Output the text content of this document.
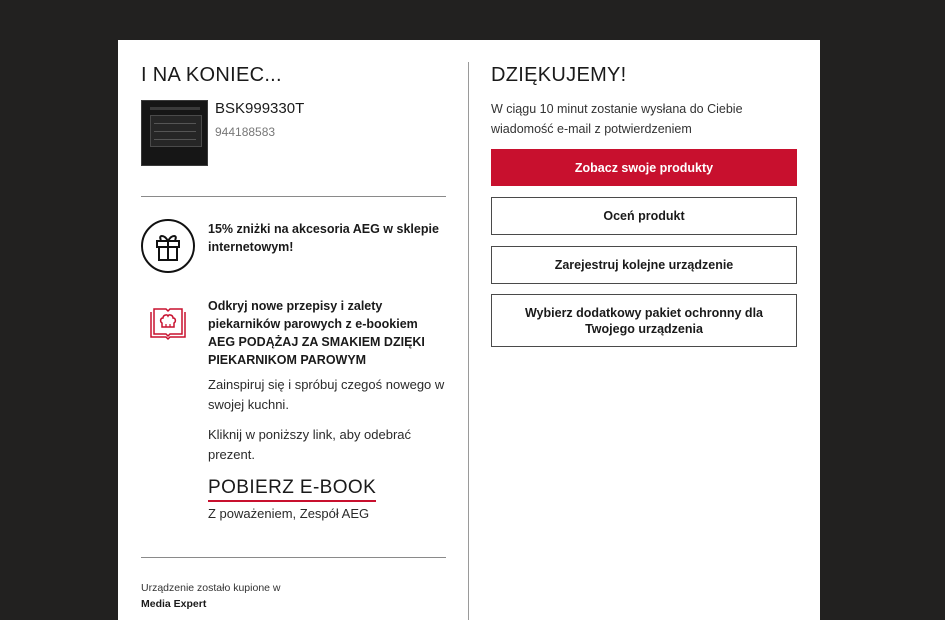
I NA KONIEC...
BSK999330T
944188583
15% zniżki na akcesoria AEG w sklepie internetowym!
Odkryj nowe przepisy i zalety piekarników parowych z e-bookiem AEG PODĄŻAJ ZA SMAKIEM DZIĘKI PIEKARNIKOM PAROWYM
Zainspiruj się i spróbuj czegoś nowego w swojej kuchni.
Kliknij w poniższy link, aby odebrać prezent.
POBIERZ E-BOOK
Z poważeniem, Zespół AEG
Urządzenie zostało kupione w
Media Expert
DZIĘKUJEMY!
W ciągu 10 minut zostanie wysłana do Ciebie wiadomość e-mail z potwierdzeniem
Zobacz swoje produkty
Oceń produkt
Zarejestruj kolejne urządzenie
Wybierz dodatkowy pakiet ochronny dla Twojego urządzenia
